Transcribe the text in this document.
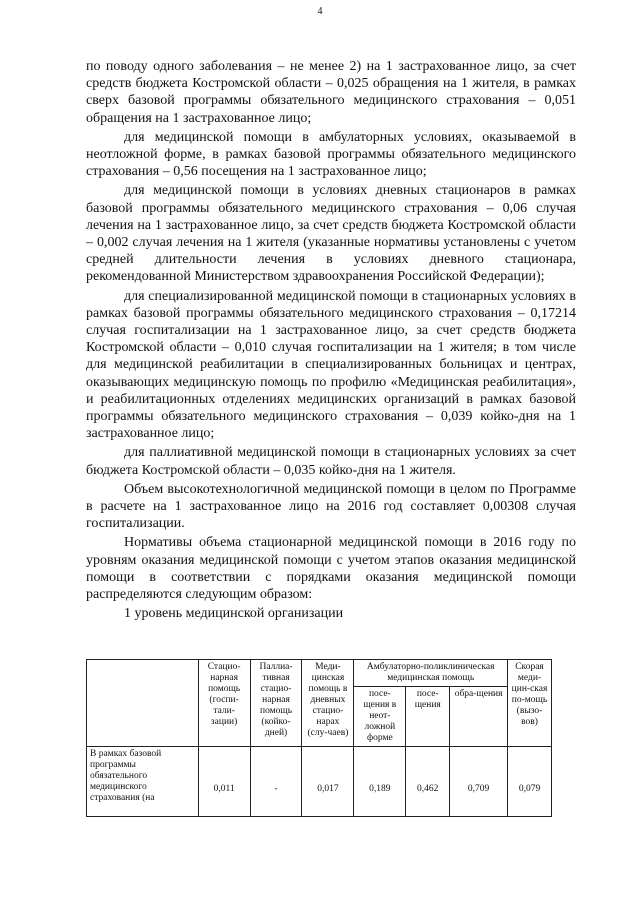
4

по поводу одного заболевания – не менее 2) на 1 застрахованное лицо, за счет средств бюджета Костромской области – 0,025 обращения на 1 жителя, в рамках сверх базовой программы обязательного медицинского страхования – 0,051 обращения на 1 застрахованное лицо;

для медицинской помощи в амбулаторных условиях, оказываемой в неотложной форме, в рамках базовой программы обязательного медицинского страхования – 0,56 посещения на 1 застрахованное лицо;

для медицинской помощи в условиях дневных стационаров в рамках базовой программы обязательного медицинского страхования – 0,06 случая лечения на 1 застрахованное лицо, за счет средств бюджета Костромской области – 0,002 случая лечения на 1 жителя (указанные нормативы установлены с учетом средней длительности лечения в условиях дневного стационара, рекомендованной Министерством здравоохранения Российской Федерации);

для специализированной медицинской помощи в стационарных условиях в рамках базовой программы обязательного медицинского страхования – 0,17214 случая госпитализации на 1 застрахованное лицо, за счет средств бюджета Костромской области – 0,010 случая госпитализации на 1 жителя; в том числе для медицинской реабилитации в специализированных больницах и центрах, оказывающих медицинскую помощь по профилю «Медицинская реабилитация», и реабилитационных отделениях медицинских организаций в рамках базовой программы обязательного медицинского страхования – 0,039 койко-дня на 1 застрахованное лицо;

для паллиативной медицинской помощи в стационарных условиях за счет бюджета Костромской области – 0,035 койко-дня на 1 жителя.

Объем высокотехнологичной медицинской помощи в целом по Программе в расчете на 1 застрахованное лицо на 2016 год составляет 0,00308 случая госпитализации.

Нормативы объема стационарной медицинской помощи в 2016 году по уровням оказания медицинской помощи с учетом этапов оказания медицинской помощи в соответствии с порядками оказания медицинской помощи распределяются следующим образом:

1 уровень медицинской организации

	Стацио-нарная помощь (госпи-тали-зации)	Паллиа-тивная стацио-нарная помощь (койко-дней)	Меди-цинская помощь в дневных стацио-нарах (слу-чаев)	Амбулаторно-поликлиническая медицинская помощь			Скорая меди-цин-ская по-мощь (вызо-вов)
				посе-щения в неот-ложной форме	посе-щения	обра-щения	

В рамках базовой программы обязательного медицинского страхования (на	0,011	-	0,017	0,189	0,462	0,709	0,079
